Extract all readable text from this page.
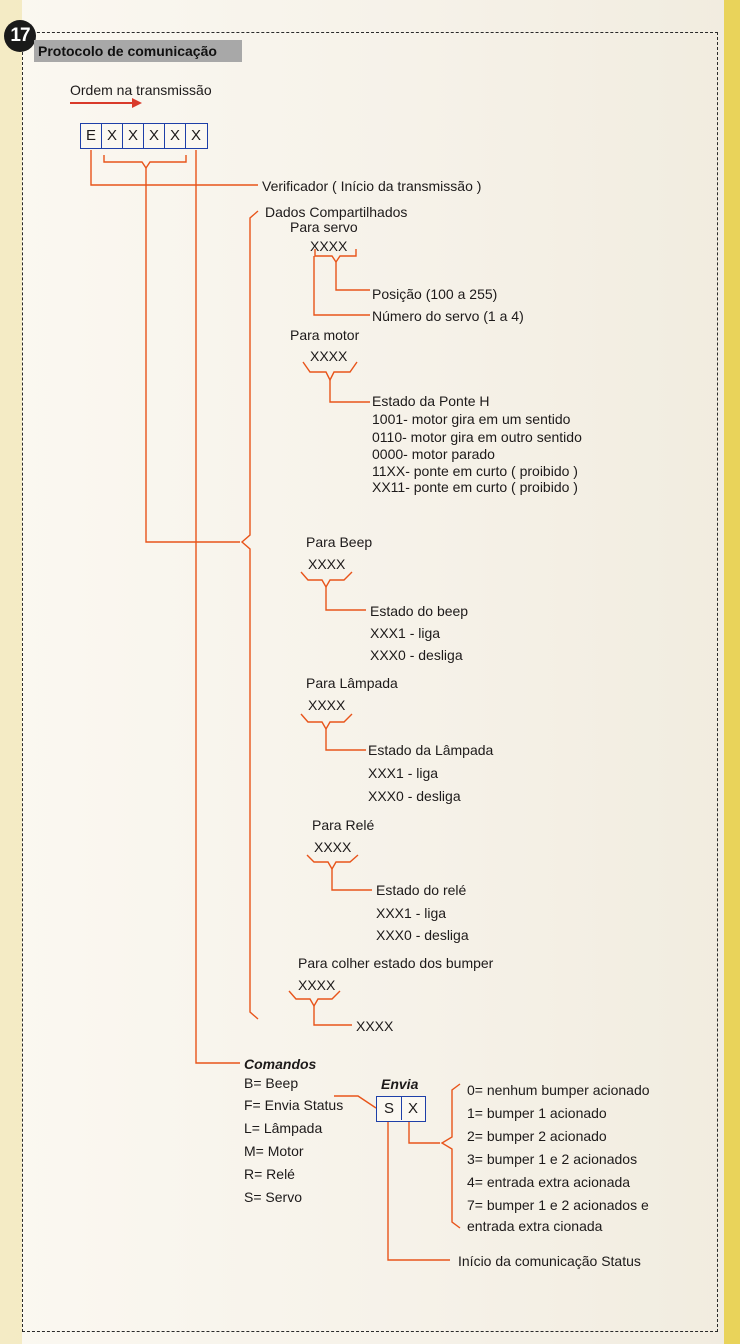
17
Protocolo de comunicação
Ordem na transmissão
E X X X X X
Verificador ( Início da transmissão )
Dados Compartilhados
Para servo
XXXX
Posição (100 a 255)
Número do servo (1 a 4)
Para motor
XXXX
Estado da Ponte H
1001- motor gira em um sentido
0110- motor gira em outro sentido
0000- motor parado
11XX- ponte em curto ( proibido )
XX11- ponte em curto ( proibido )
Para Beep
XXXX
Estado do beep
XXX1 - liga
XXX0 - desliga
Para Lâmpada
XXXX
Estado da Lâmpada
XXX1 - liga
XXX0 - desliga
Para Relé
XXXX
Estado do relé
XXX1 - liga
XXX0 - desliga
Para colher estado dos bumper
XXXX
XXXX
Comandos
B= Beep
F= Envia Status
L= Lâmpada
M= Motor
R= Relé
S= Servo
Envia
S X
0= nenhum bumper acionado
1= bumper 1 acionado
2= bumper 2 acionado
3= bumper 1 e 2 acionados
4= entrada extra acionada
7= bumper 1 e 2 acionados e
entrada extra cionada
Início da comunicação Status
